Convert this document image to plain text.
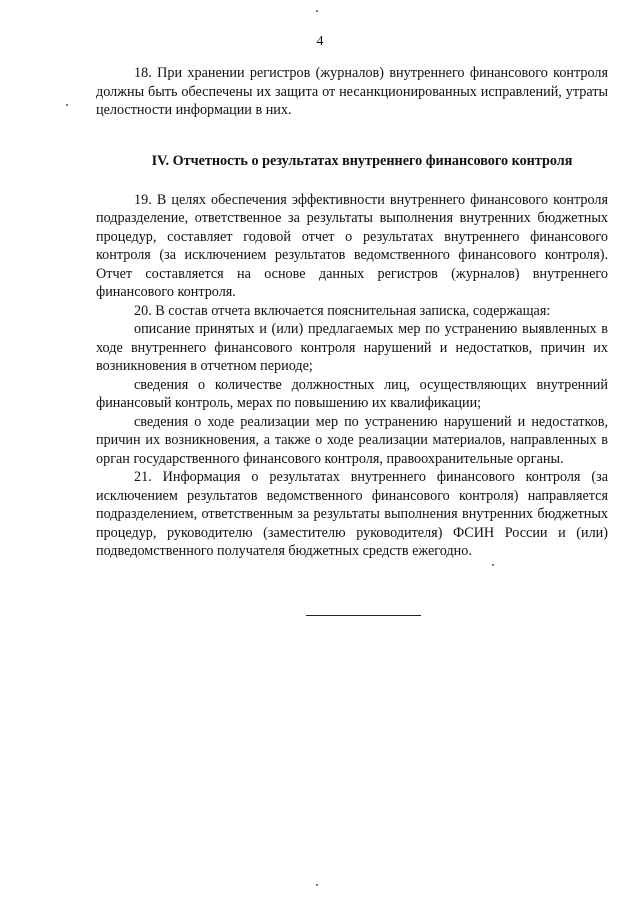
4

18. При хранении регистров (журналов) внутреннего финансового контроля должны быть обеспечены их защита от несанкционированных исправлений, утраты целостности информации в них.

IV. Отчетность о результатах внутреннего финансового контроля

19. В целях обеспечения эффективности внутреннего финансового контроля подразделение, ответственное за результаты выполнения внутренних бюджетных процедур, составляет годовой отчет о результатах внутреннего финансового контроля (за исключением результатов ведомственного финансового контроля). Отчет составляется на основе данных регистров (журналов) внутреннего финансового контроля.

20. В состав отчета включается пояснительная записка, содержащая:

описание принятых и (или) предлагаемых мер по устранению выявленных в ходе внутреннего финансового контроля нарушений и недостатков, причин их возникновения в отчетном периоде;

сведения о количестве должностных лиц, осуществляющих внутренний финансовый контроль, мерах по повышению их квалификации;

сведения о ходе реализации мер по устранению нарушений и недостатков, причин их возникновения, а также о ходе реализации материалов, направленных в орган государственного финансового контроля, правоохранительные органы.

21. Информация о результатах внутреннего финансового контроля (за исключением результатов ведомственного финансового контроля) направляется подразделением, ответственным за результаты выполнения внутренних бюджетных процедур, руководителю (заместителю руководителя) ФСИН России и (или) подведомственного получателя бюджетных средств ежегодно.
